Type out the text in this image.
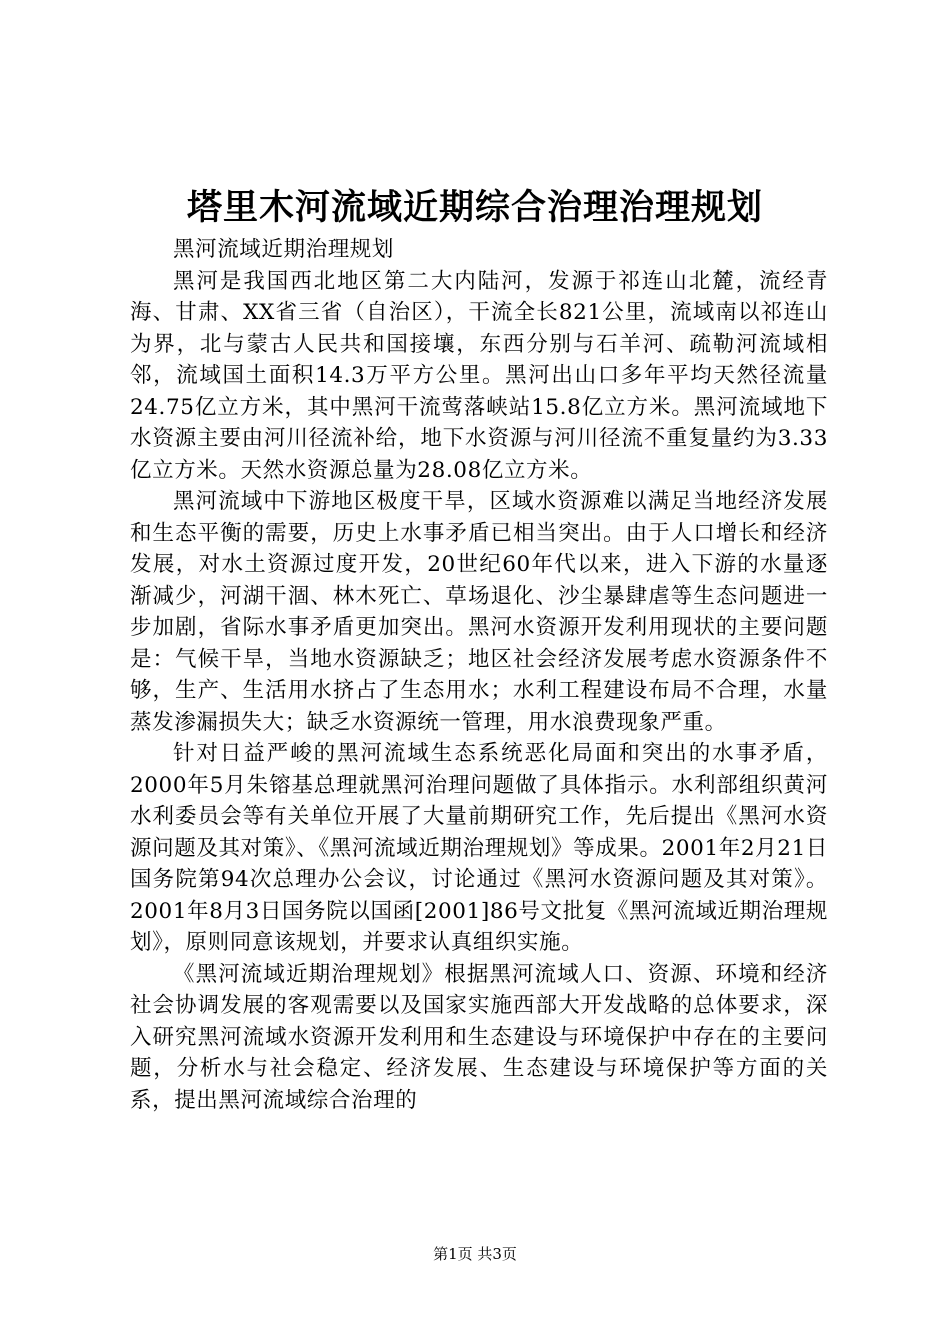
塔里木河流域近期综合治理治理规划

黑河流域近期治理规划

黑河是我国西北地区第二大内陆河，发源于祁连山北麓，流经青海、甘肃、XX省三省（自治区），干流全长821公里，流域南以祁连山为界，北与蒙古人民共和国接壤，东西分别与石羊河、疏勒河流域相邻，流域国土面积14.3万平方公里。黑河出山口多年平均天然径流量24.75亿立方米，其中黑河干流莺落峡站15.8亿立方米。黑河流域地下水资源主要由河川径流补给，地下水资源与河川径流不重复量约为3.33亿立方米。天然水资源总量为28.08亿立方米。

黑河流域中下游地区极度干旱，区域水资源难以满足当地经济发展和生态平衡的需要，历史上水事矛盾已相当突出。由于人口增长和经济发展，对水土资源过度开发，20世纪60年代以来，进入下游的水量逐渐减少，河湖干涸、林木死亡、草场退化、沙尘暴肆虐等生态问题进一步加剧，省际水事矛盾更加突出。黑河水资源开发利用现状的主要问题是：气候干旱，当地水资源缺乏；地区社会经济发展考虑水资源条件不够，生产、生活用水挤占了生态用水；水利工程建设布局不合理，水量蒸发渗漏损失大；缺乏水资源统一管理，用水浪费现象严重。

针对日益严峻的黑河流域生态系统恶化局面和突出的水事矛盾，2000年5月朱镕基总理就黑河治理问题做了具体指示。水利部组织黄河水利委员会等有关单位开展了大量前期研究工作，先后提出《黑河水资源问题及其对策》、《黑河流域近期治理规划》等成果。2001年2月21日国务院第94次总理办公会议，讨论通过《黑河水资源问题及其对策》。2001年8月3日国务院以国函[2001]86号文批复《黑河流域近期治理规划》，原则同意该规划，并要求认真组织实施。

《黑河流域近期治理规划》根据黑河流域人口、资源、环境和经济社会协调发展的客观需要以及国家实施西部大开发战略的总体要求，深入研究黑河流域水资源开发利用和生态建设与环境保护中存在的主要问题，分析水与社会稳定、经济发展、生态建设与环境保护等方面的关系，提出黑河流域综合治理的

第1页 共3页
